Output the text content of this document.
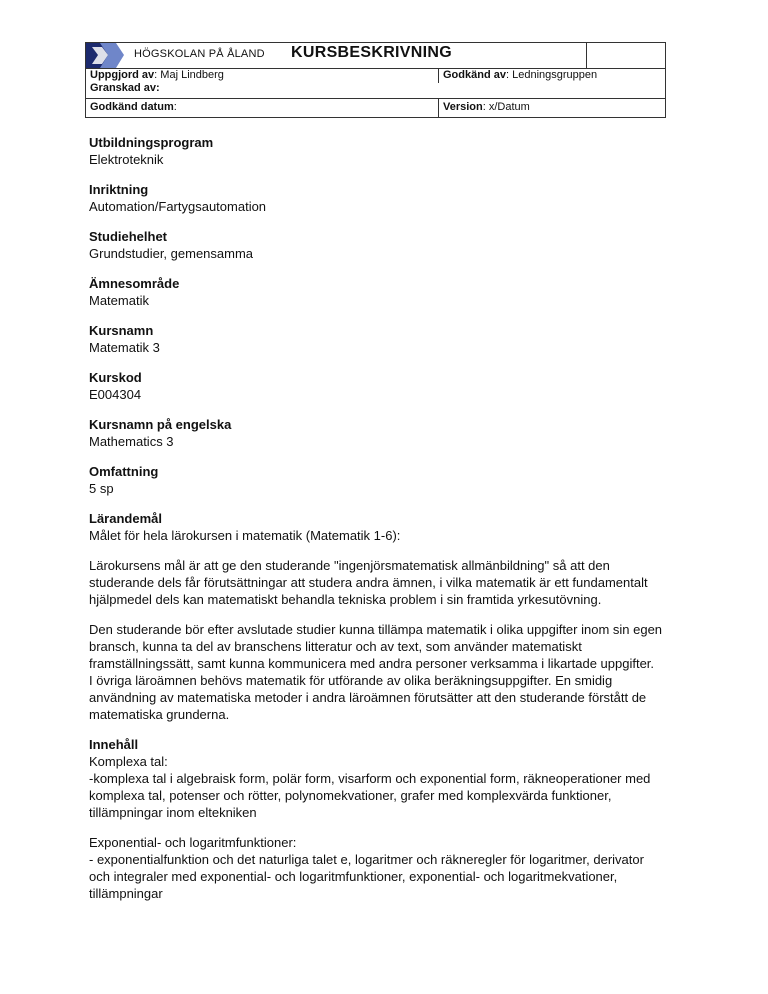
HÖGSKOLAN PÅ ÅLAND KURSBESKRIVNING
Uppgjord av: Maj Lindberg
Granskad av:
Godkänd av: Ledningsgruppen
Godkänd datum:	Version: x/Datum
Utbildningsprogram
Elektroteknik
Inriktning
Automation/Fartygsautomation
Studiehelhet
Grundstudier, gemensamma
Ämnesområde
Matematik
Kursnamn
Matematik 3
Kurskod
E004304
Kursnamn på engelska
Mathematics 3
Omfattning
5 sp
Lärandemål
Målet för hela lärokursen i matematik (Matematik 1-6):
Lärokursens mål är att ge den studerande "ingenjörsmatematisk allmänbildning" så att den
studerande dels får förutsättningar att studera andra ämnen, i vilka matematik är ett fundamentalt
hjälpmedel dels kan matematiskt behandla tekniska problem i sin framtida yrkesutövning.
Den studerande bör efter avslutade studier kunna tillämpa matematik i olika uppgifter inom sin egen
bransch, kunna ta del av branschens litteratur och av text, som använder matematiskt
framställningssätt, samt kunna kommunicera med andra personer verksamma i likartade uppgifter.
I övriga läroämnen behövs matematik för utförande av olika beräkningsuppgifter. En smidig
användning av matematiska metoder i andra läroämnen förutsätter att den studerande förstått de
matematiska grunderna.
Innehåll
Komplexa tal:
-komplexa tal i algebraisk form, polär form, visarform och exponential form, räkneoperationer med
komplexa tal, potenser och rötter, polynomekvationer, grafer med komplexvärda funktioner,
tillämpningar inom eltekniken
Exponential- och logaritmfunktioner:
- exponentialfunktion och det naturliga talet e, logaritmer och räkneregler för logaritmer, derivator
och integraler med exponential- och logaritmfunktioner, exponential- och logaritmekvationer,
tillämpningar
